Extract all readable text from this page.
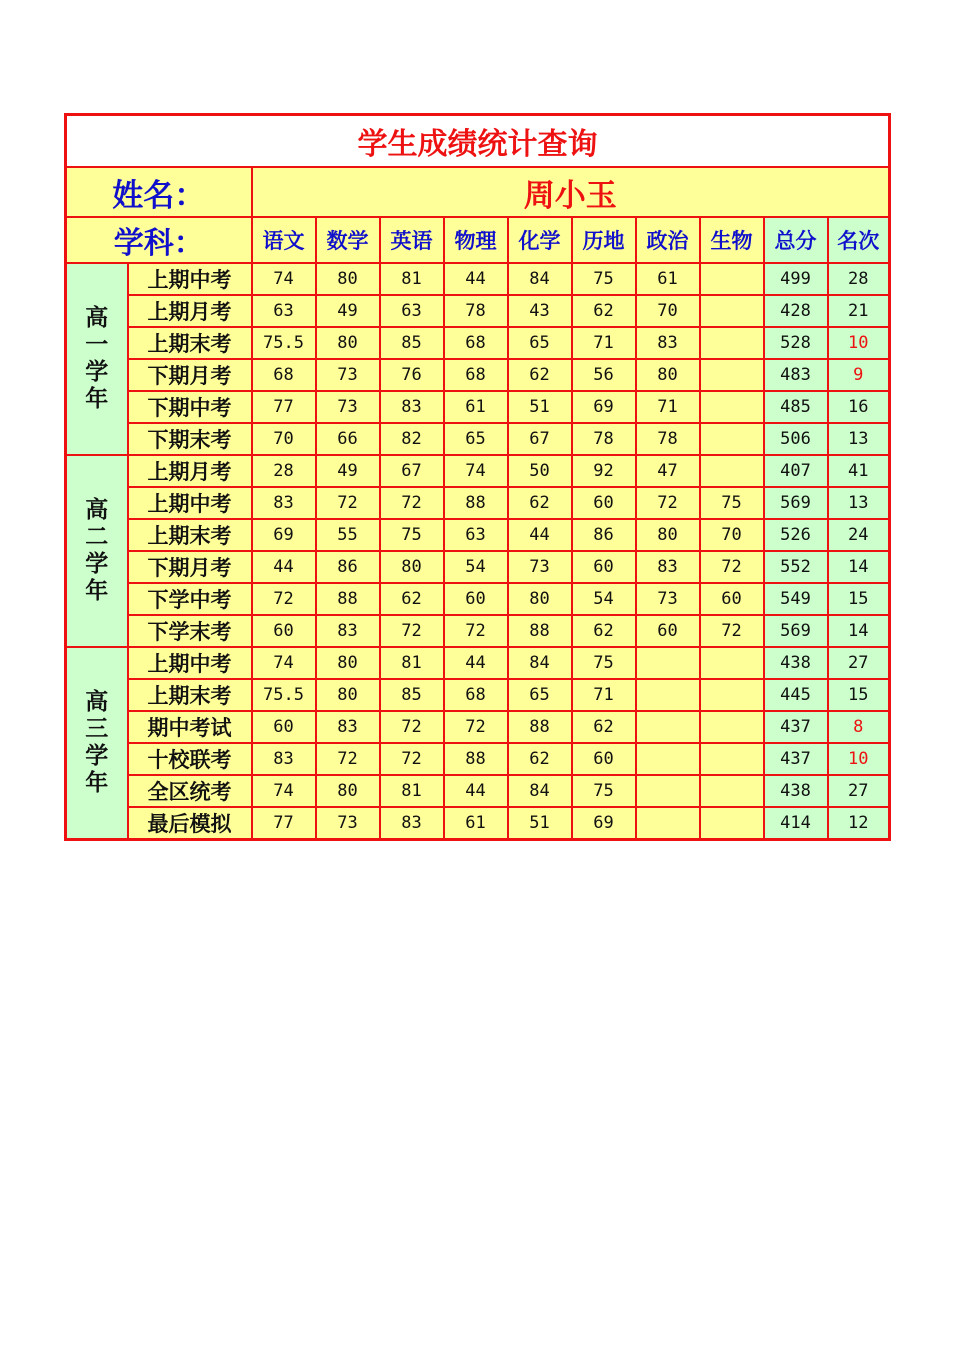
学生成绩统计查询											
姓名：		周小玉									
学科：		语文	数学	英语	物理	化学	历地	政治	生物	总分	名次

高
一
学
年	上期中考	74	80	81	44	84	75	61		499	28
	上期月考	63	49	63	78	43	62	70		428	21
	上期末考	75.5	80	85	68	65	71	83		528	10
	下期月考	68	73	76	68	62	56	80		483	9
	下期中考	77	73	83	61	51	69	71		485	16
	下期末考	70	66	82	65	67	78	78		506	13

高
二
学
年	上期月考	28	49	67	74	50	92	47		407	41
	上期中考	83	72	72	88	62	60	72	75	569	13
	上期末考	69	55	75	63	44	86	80	70	526	24
	下期月考	44	86	80	54	73	60	83	72	552	14
	下学中考	72	88	62	60	80	54	73	60	549	15
	下学末考	60	83	72	72	88	62	60	72	569	14

高
三
学
年	上期中考	74	80	81	44	84	75			438	27
	上期末考	75.5	80	85	68	65	71			445	15
	期中考试	60	83	72	72	88	62			437	8
	十校联考	83	72	72	88	62	60			437	10
	全区统考	74	80	81	44	84	75			438	27
	最后模拟	77	73	83	61	51	69			414	12
